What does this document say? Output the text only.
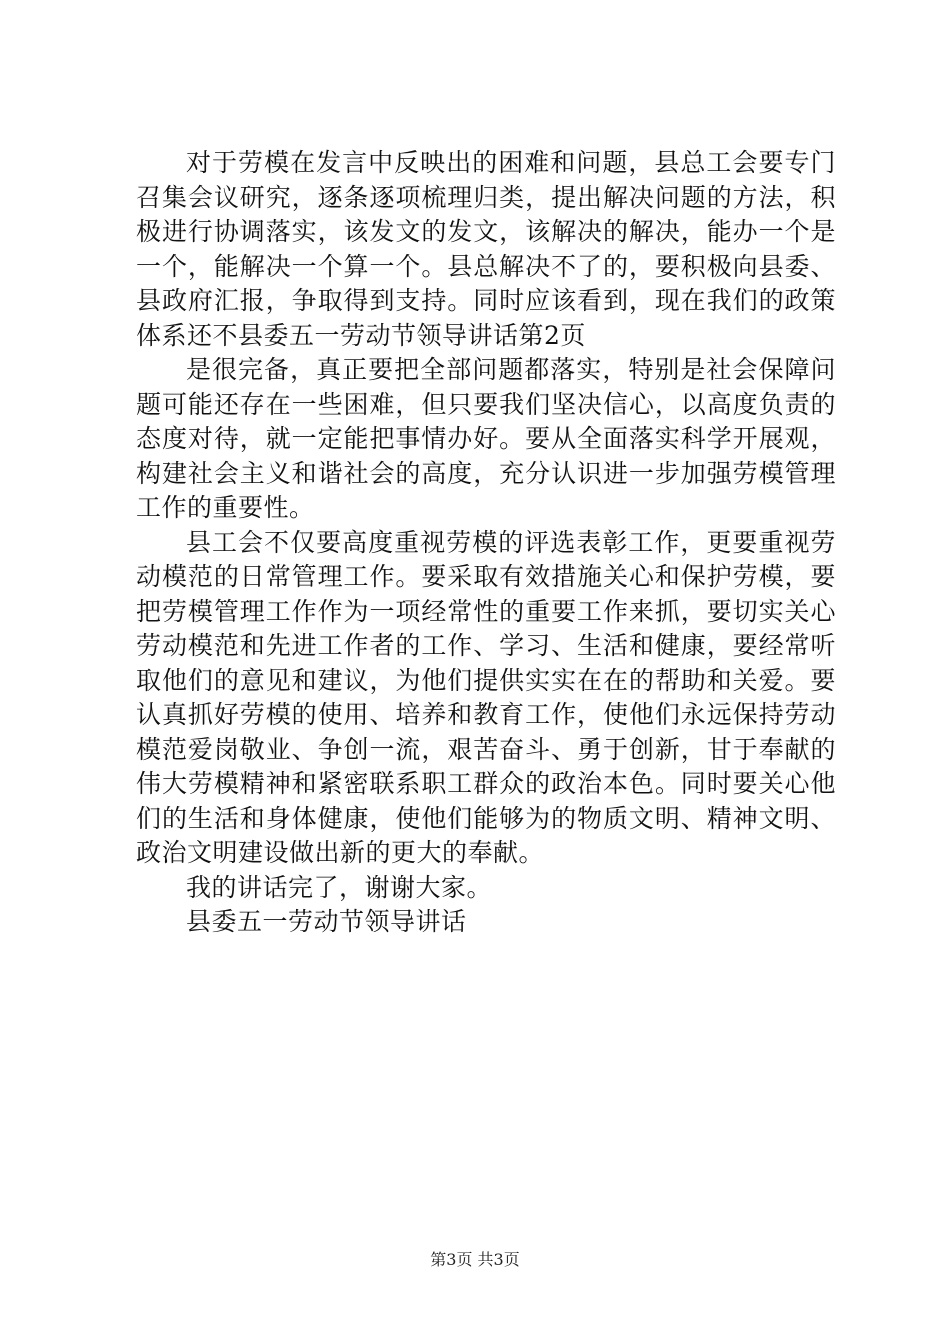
对于劳模在发言中反映出的困难和问题，县总工会要专门召集会议研究，逐条逐项梳理归类，提出解决问题的方法，积极进行协调落实，该发文的发文，该解决的解决，能办一个是一个，能解决一个算一个。县总解决不了的，要积极向县委、县政府汇报，争取得到支持。同时应该看到，现在我们的政策体系还不县委五一劳动节领导讲话第2页

是很完备，真正要把全部问题都落实，特别是社会保障问题可能还存在一些困难，但只要我们坚决信心，以高度负责的态度对待，就一定能把事情办好。要从全面落实科学开展观，构建社会主义和谐社会的高度，充分认识进一步加强劳模管理工作的重要性。

县工会不仅要高度重视劳模的评选表彰工作，更要重视劳动模范的日常管理工作。要采取有效措施关心和保护劳模，要把劳模管理工作作为一项经常性的重要工作来抓，要切实关心劳动模范和先进工作者的工作、学习、生活和健康，要经常听取他们的意见和建议，为他们提供实实在在的帮助和关爱。要认真抓好劳模的使用、培养和教育工作，使他们永远保持劳动模范爱岗敬业、争创一流，艰苦奋斗、勇于创新，甘于奉献的伟大劳模精神和紧密联系职工群众的政治本色。同时要关心他们的生活和身体健康，使他们能够为的物质文明、精神文明、政治文明建设做出新的更大的奉献。

我的讲话完了，谢谢大家。

县委五一劳动节领导讲话

第3页 共3页
